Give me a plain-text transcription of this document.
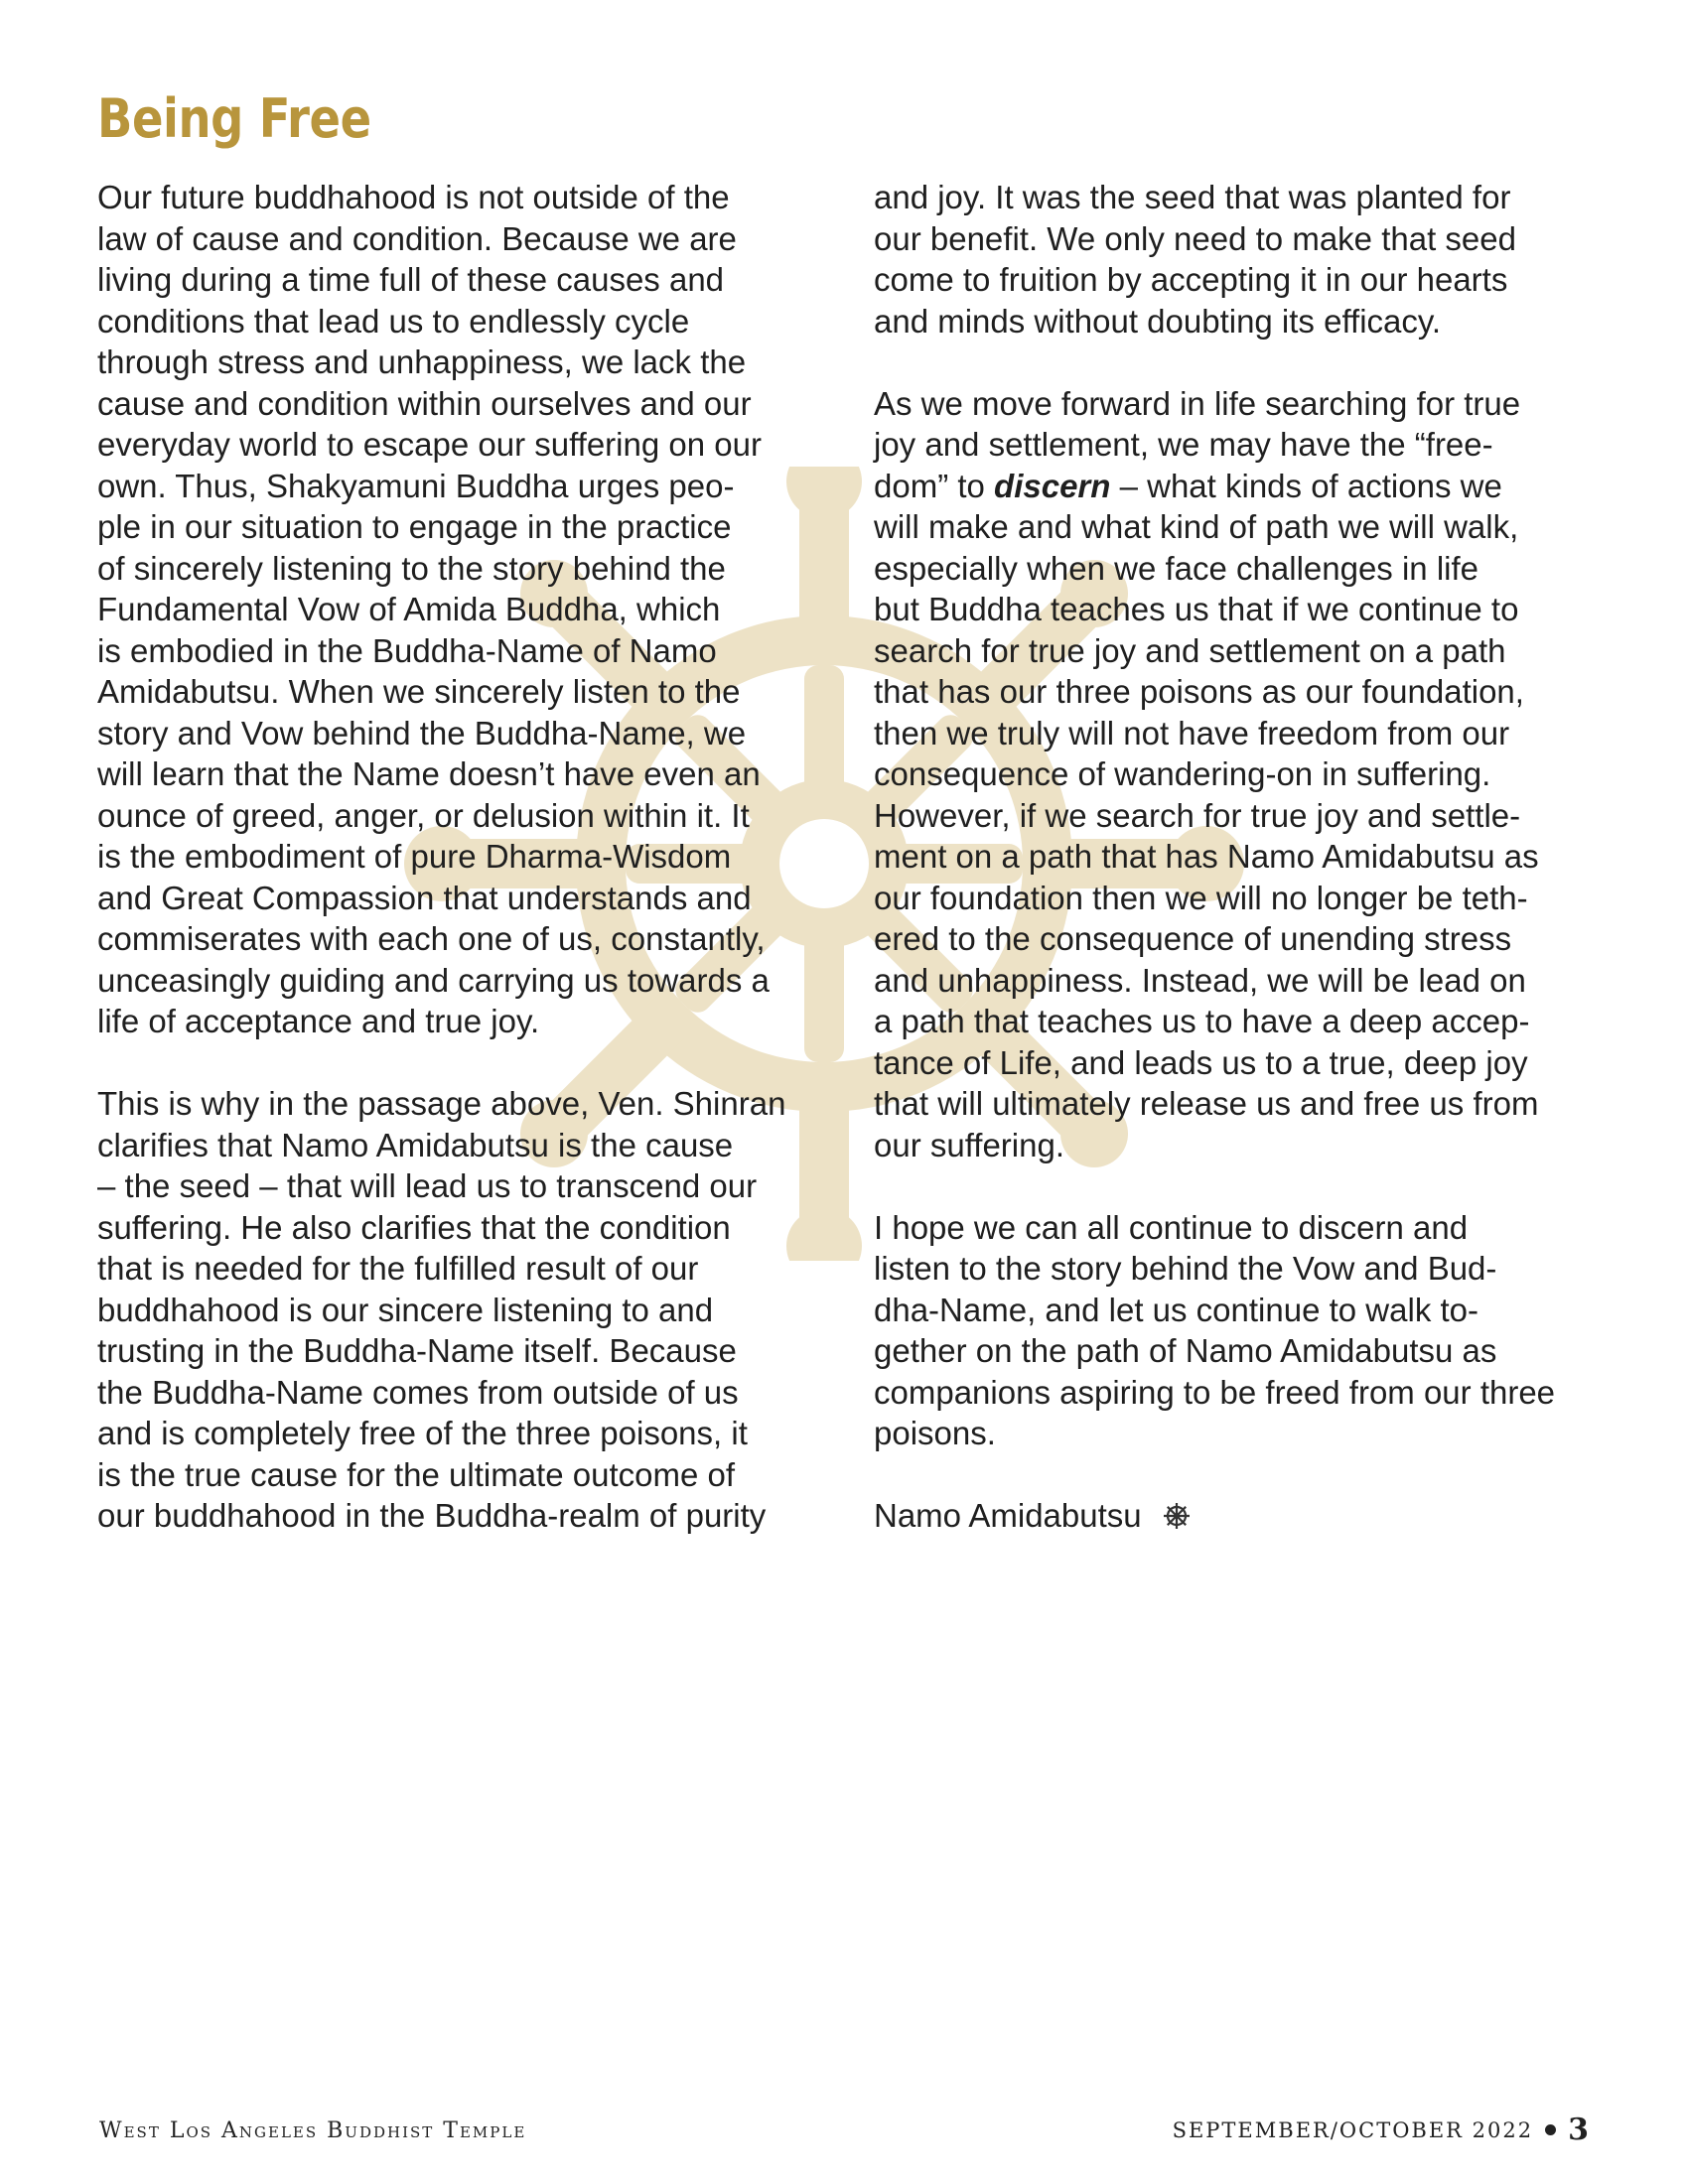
Being Free

Our future buddhahood is not outside of the
law of cause and condition. Because we are
living during a time full of these causes and
conditions that lead us to endlessly cycle
through stress and unhappiness, we lack the
cause and condition within ourselves and our
everyday world to escape our suffering on our
own. Thus, Shakyamuni Buddha urges peo-
ple in our situation to engage in the practice
of sincerely listening to the story behind the
Fundamental Vow of Amida Buddha, which
is embodied in the Buddha-Name of Namo
Amidabutsu. When we sincerely listen to the
story and Vow behind the Buddha-Name, we
will learn that the Name doesn’t have even an
ounce of greed, anger, or delusion within it. It
is the embodiment of pure Dharma-Wisdom
and Great Compassion that understands and
commiserates with each one of us, constantly,
unceasingly guiding and carrying us towards a
life of acceptance and true joy.

This is why in the passage above, Ven. Shinran
clarifies that Namo Amidabutsu is the cause
– the seed – that will lead us to transcend our
suffering. He also clarifies that the condition
that is needed for the fulfilled result of our
buddhahood is our sincere listening to and
trusting in the Buddha-Name itself. Because
the Buddha-Name comes from outside of us
and is completely free of the three poisons, it
is the true cause for the ultimate outcome of
our buddhahood in the Buddha-realm of purity

and joy. It was the seed that was planted for
our benefit. We only need to make that seed
come to fruition by accepting it in our hearts
and minds without doubting its efficacy.

As we move forward in life searching for true
joy and settlement, we may have the “free-
dom” to discern – what kinds of actions we
will make and what kind of path we will walk,
especially when we face challenges in life
but Buddha teaches us that if we continue to
search for true joy and settlement on a path
that has our three poisons as our foundation,
then we truly will not have freedom from our
consequence of wandering-on in suffering.
However, if we search for true joy and settle-
ment on a path that has Namo Amidabutsu as
our foundation then we will no longer be teth-
ered to the consequence of unending stress
and unhappiness. Instead, we will be lead on
a path that teaches us to have a deep accep-
tance of Life, and leads us to a true, deep joy
that will ultimately release us and free us from
our suffering.

I hope we can all continue to discern and
listen to the story behind the Vow and Bud-
dha-Name, and let us continue to walk to-
gether on the path of Namo Amidabutsu as
companions aspiring to be freed from our three
poisons.

Namo Amidabutsu

West Los Angeles Buddhist Temple	SEPTEMBER/OCTOBER 2022 3
